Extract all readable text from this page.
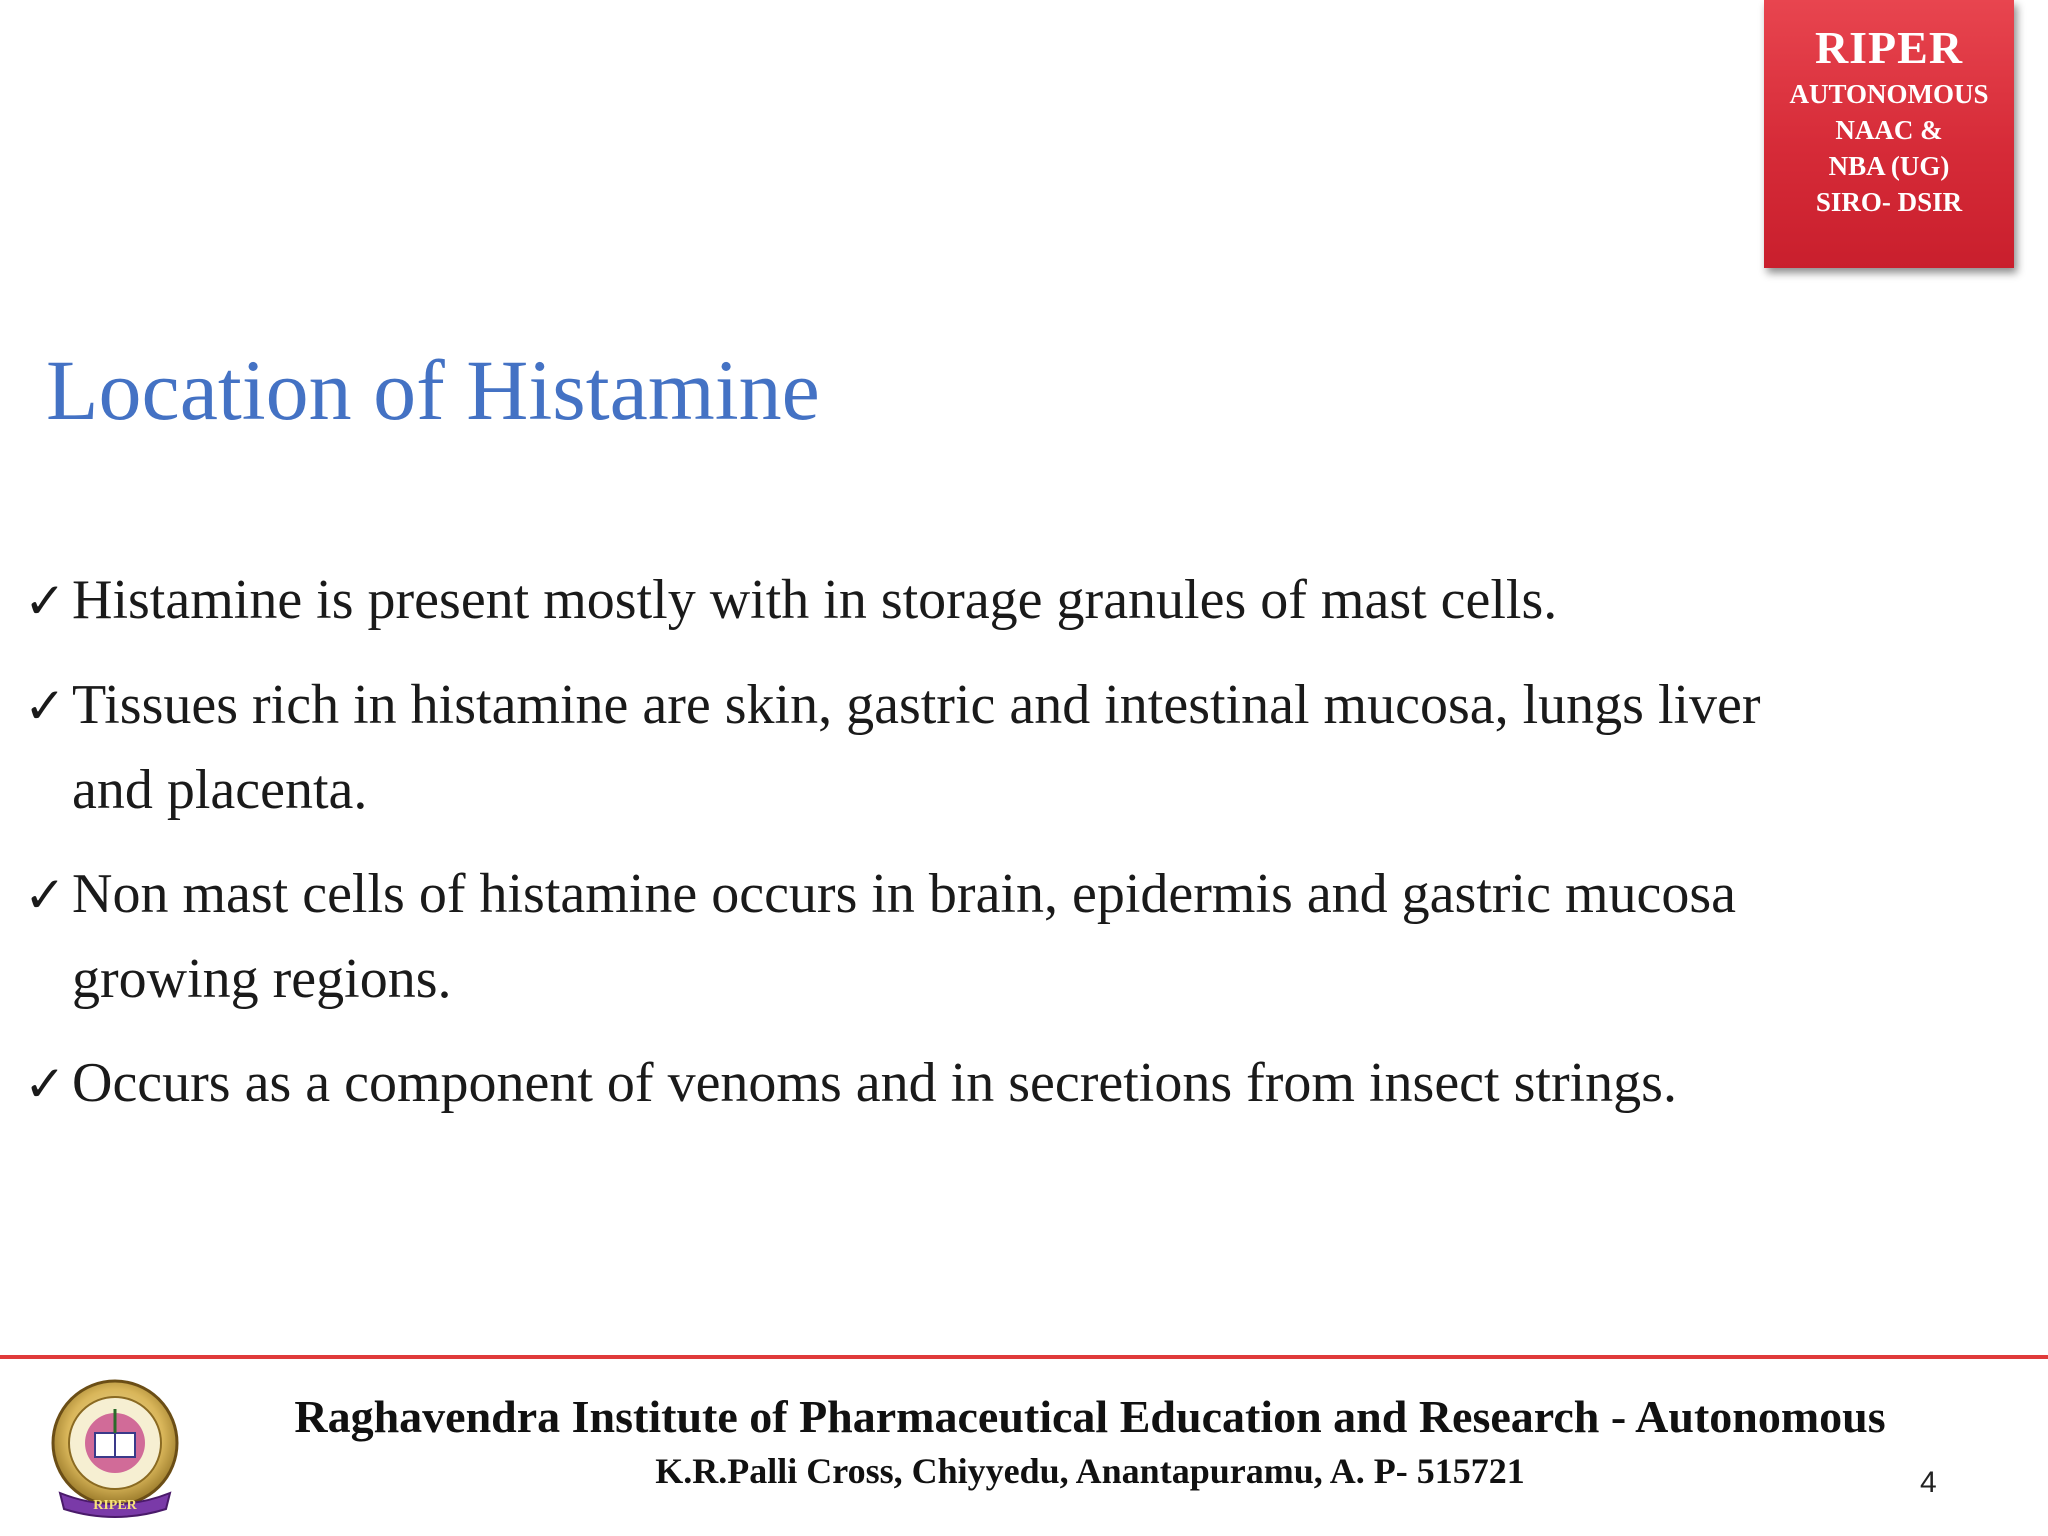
RIPER
AUTONOMOUS
NAAC &
NBA (UG)
SIRO- DSIR
Location of Histamine
✓ Histamine is present mostly with in storage granules of mast cells.
✓ Tissues rich in histamine are skin, gastric and intestinal mucosa, lungs liver
and placenta.
✓ Non mast cells of histamine occurs in brain, epidermis and gastric mucosa
growing regions.
✓ Occurs as a component of venoms and in secretions from insect strings.
RIPER
Raghavendra Institute of Pharmaceutical Education and Research - Autonomous
K.R.Palli Cross, Chiyyedu, Anantapuramu, A. P- 515721	4
